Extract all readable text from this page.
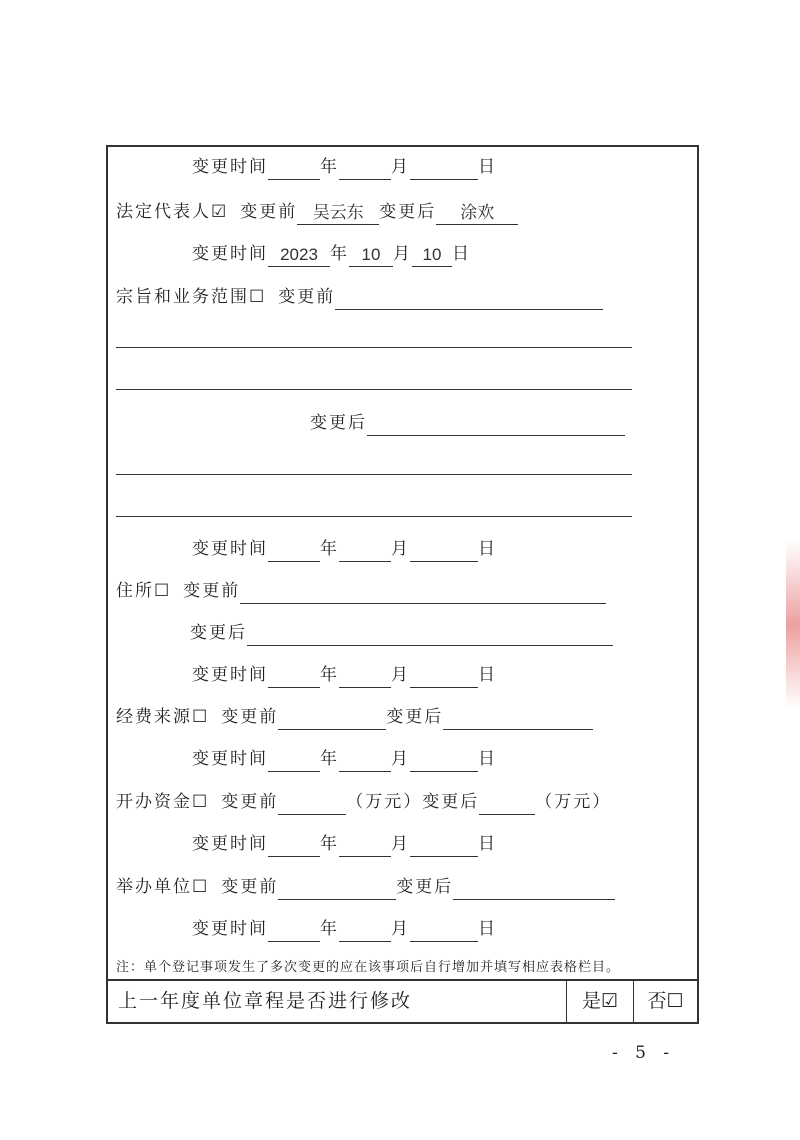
变更时间	年	月	日
法定代表人☑ 变更前 吴云东 变更后	涂欢
变更时间 2023 年 10 月 10 日
宗旨和业务范围☐ 变更前
变更后
变更时间	年	月	日
住所☐ 变更前
变更后
变更时间	年	月	日
经费来源☐ 变更前	变更后
变更时间	年	月	日
开办资金☐ 变更前	（万元） 变更后	（万元）
变更时间	年	月	日
举办单位☐ 变更前	变更后
变更时间	年	月	日
注：单个登记事项发生了多次变更的应在该事项后自行增加并填写相应表格栏目。
上一年度单位章程是否进行修改	是☑	否☐
- 5 -
